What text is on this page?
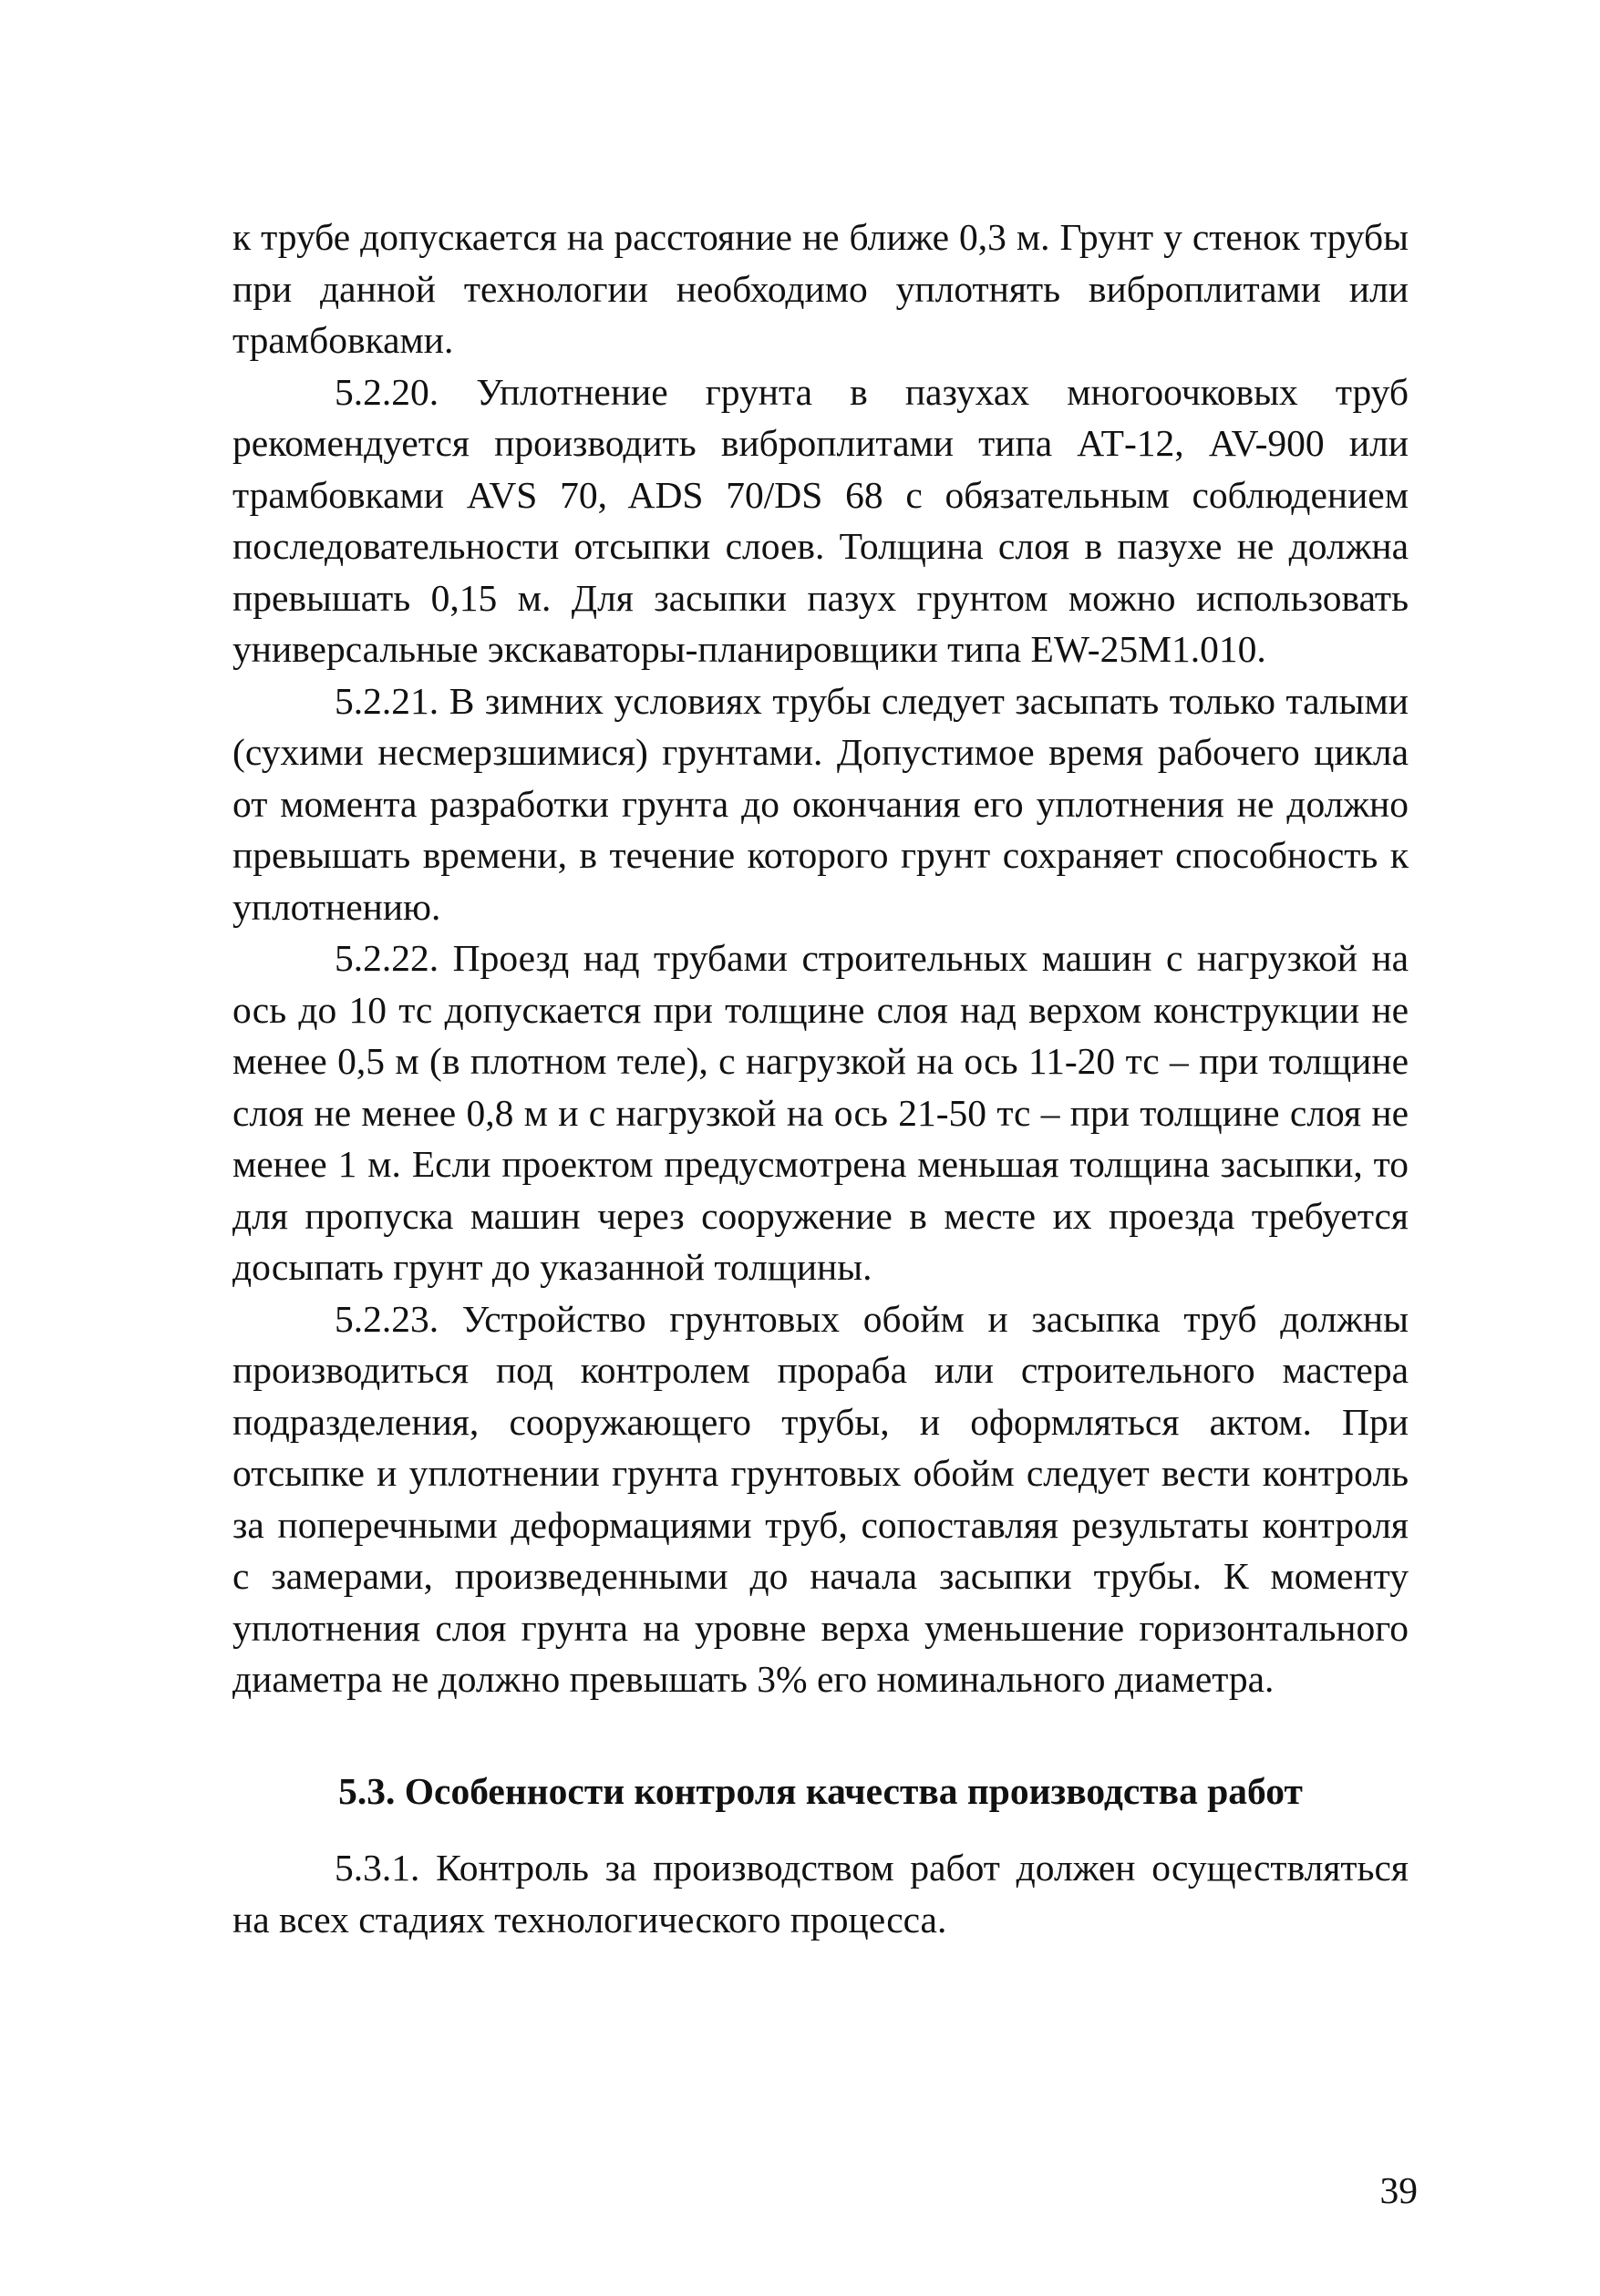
к трубе допускается на расстояние не ближе 0,3 м. Грунт у стенок трубы при данной технологии необходимо уплотнять виброплитами или трамбовками.

5.2.20. Уплотнение грунта в пазухах многоочковых труб рекомендуется производить виброплитами типа АТ-12, AV-900 или трамбовками AVS 70, ADS 70/DS 68 с обязательным соблюдением последовательности отсыпки слоев. Толщина слоя в пазухе не должна превышать 0,15 м. Для засыпки пазух грунтом можно использовать универсальные экскаваторы-планировщики типа EW-25M1.010.

5.2.21. В зимних условиях трубы следует засыпать только талыми (сухими несмерзшимися) грунтами. Допустимое время рабочего цикла от момента разработки грунта до окончания его уплотнения не должно превышать времени, в течение которого грунт сохраняет способность к уплотнению.

5.2.22. Проезд над трубами строительных машин с нагрузкой на ось до 10 тс допускается при толщине слоя над верхом конструкции не менее 0,5 м (в плотном теле), с нагрузкой на ось 11-20 тс – при толщине слоя не менее 0,8 м и с нагрузкой на ось 21-50 тс – при толщине слоя не менее 1 м. Если проектом предусмотрена меньшая толщина засыпки, то для пропуска машин через сооружение в месте их проезда требуется досыпать грунт до указанной толщины.

5.2.23. Устройство грунтовых обойм и засыпка труб должны производиться под контролем прораба или строительного мастера подразделения, сооружающего трубы, и оформляться актом. При отсыпке и уплотнении грунта грунтовых обойм следует вести контроль за поперечными деформациями труб, сопоставляя результаты контроля с замерами, произведенными до начала засыпки трубы. К моменту уплотнения слоя грунта на уровне верха уменьшение горизонтального диаметра не должно превышать 3% его номинального диаметра.

5.3. Особенности контроля качества производства работ

5.3.1. Контроль за производством работ должен осуществляться на всех стадиях технологического процесса.

39
